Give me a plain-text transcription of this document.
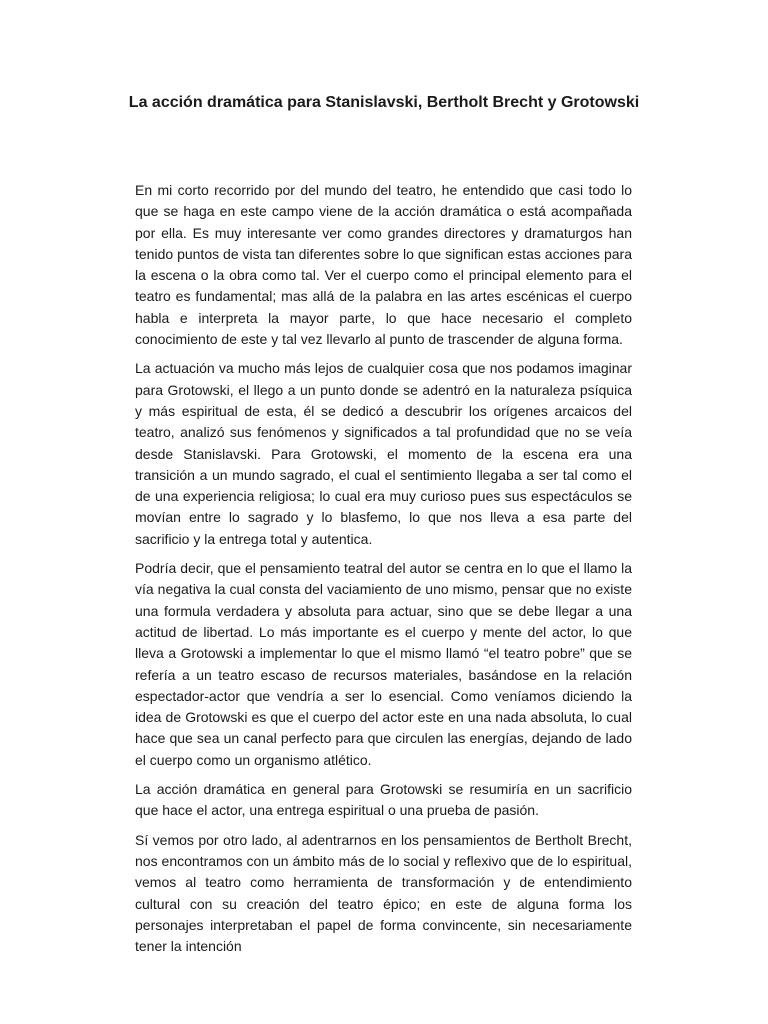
La acción dramática para Stanislavski, Bertholt Brecht y Grotowski

En mi corto recorrido por del mundo del teatro, he entendido que casi todo lo que se haga en este campo viene de la acción dramática o está acompañada por ella. Es muy interesante ver como grandes directores y dramaturgos han tenido puntos de vista tan diferentes sobre lo que significan estas acciones para la escena o la obra como tal. Ver el cuerpo como el principal elemento para el teatro es fundamental; mas allá de la palabra en las artes escénicas el cuerpo habla e interpreta la mayor parte, lo que hace necesario el completo conocimiento de este y tal vez llevarlo al punto de trascender de alguna forma.

La actuación va mucho más lejos de cualquier cosa que nos podamos imaginar para Grotowski, el llego a un punto donde se adentró en la naturaleza psíquica y más espiritual de esta, él se dedicó a descubrir los orígenes arcaicos del teatro, analizó sus fenómenos y significados a tal profundidad que no se veía desde Stanislavski. Para Grotowski, el momento de la escena era una transición a un mundo sagrado, el cual el sentimiento llegaba a ser tal como el de una experiencia religiosa; lo cual era muy curioso pues sus espectáculos se movían entre lo sagrado y lo blasfemo, lo que nos lleva a esa parte del sacrificio y la entrega total y autentica.

Podría decir, que el pensamiento teatral del autor se centra en lo que el llamo la vía negativa la cual consta del vaciamiento de uno mismo, pensar que no existe una formula verdadera y absoluta para actuar, sino que se debe llegar a una actitud de libertad. Lo más importante es el cuerpo y mente del actor, lo que lleva a Grotowski a implementar lo que el mismo llamó “el teatro pobre” que se refería a un teatro escaso de recursos materiales, basándose en la relación espectador-actor que vendría a ser lo esencial. Como veníamos diciendo la idea de Grotowski es que el cuerpo del actor este en una nada absoluta, lo cual hace que sea un canal perfecto para que circulen las energías, dejando de lado el cuerpo como un organismo atlético.

La acción dramática en general para Grotowski se resumiría en un sacrificio que hace el actor, una entrega espiritual o una prueba de pasión.

Sí vemos por otro lado, al adentrarnos en los pensamientos de Bertholt Brecht, nos encontramos con un ámbito más de lo social y reflexivo que de lo espiritual, vemos al teatro como herramienta de transformación y de entendimiento cultural con su creación del teatro épico; en este de alguna forma los personajes interpretaban el papel de forma convincente, sin necesariamente tener la intención
